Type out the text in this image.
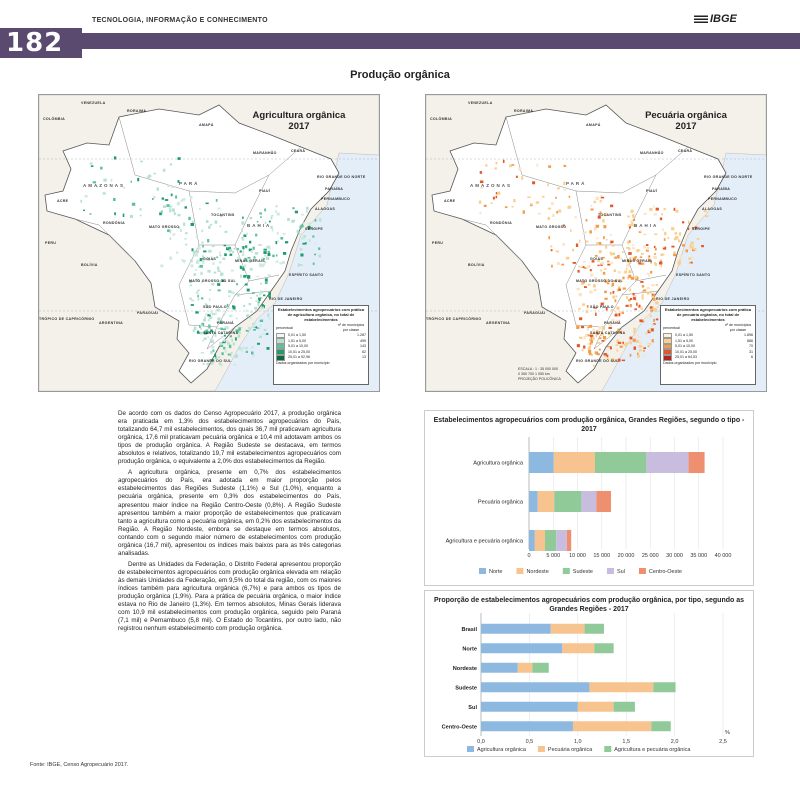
182
TECNOLOGIA, INFORMAÇÃO E CONHECIMENTO	IBGE
Produção orgânica
Agricultura orgânica
2017
AMAZONAS	PARÁ
BAHIA
MATO GROSSO
MINAS GERAIS
TOCANTINS
GOIÁS
CEARÁ
PIAUÍ
MARANHÃO
MATO GROSSO DO SUL
SÃO PAULO
SANTA CATARINA
RIO GRANDE DO SUL
RIO DE JANEIRO
RONDÔNIA
ACRE
PARANÁ
ESPÍRITO SANTO
SERGIPE
ALAGOAS
PERNAMBUCO
PARAÍBA
RIO GRANDE DO NORTE
RORAIMA
AMAPÁ
VENEZUELA
COLÔMBIA
PERU
BOLÍVIA
PARAGUAI
ARGENTINA
TRÓPICO DE CAPRICÓRNIO
Estabelecimentos agropecuários com prática de agricultura orgânica, no total de estabelecimentos
percentual
nº de municípios por classe
0,01 a 1,50	1.287
1,51 a 5,00	499
5,01 a 10,00	143
10,01 a 25,00	62
25,01 a 92,96	13
Dados organizados por município
Pecuária orgânica
2017
AMAZONAS	PARÁ
BAHIA
MATO GROSSO
MINAS GERAIS
TOCANTINS
GOIÁS
CEARÁ
PIAUÍ
MARANHÃO
MATO GROSSO DO SUL
SÃO PAULO
SANTA CATARINA
RIO GRANDE DO SUL
RIO DE JANEIRO
RONDÔNIA
ACRE
PARANÁ
ESPÍRITO SANTO
SERGIPE
ALAGOAS
PERNAMBUCO
PARAÍBA
RIO GRANDE DO NORTE
RORAIMA
AMAPÁ
VENEZUELA
COLÔMBIA
PERU
BOLÍVIA
PARAGUAI
ARGENTINA
TRÓPICO DE CAPRICÓRNIO
ESCALA : 1 : 35 000 000
0 350 700 1 050 km
PROJEÇÃO POLICÔNICA
Estabelecimentos agropecuários com prática de pecuária orgânica, no total de estabelecimentos
percentual
nº de municípios por classe
0,01 a 1,50	1.896
1,51 a 5,00	886
5,01 a 10,00	70
10,01 a 25,00	31
25,01 a 64,53	6
Dados organizados por município

De acordo com os dados do Censo Agropecuário 2017, a produção orgânica era praticada em 1,3% dos estabelecimentos agropecuários do País, totalizando 64,7 mil estabelecimentos, dos quais 36,7 mil praticavam agricultura orgânica, 17,6 mil praticavam pecuária orgânica e 10,4 mil adotavam ambos os tipos de produção orgânica. A Região Sudeste se destacava, em termos absolutos e relativos, totalizando 19,7 mil estabelecimentos agropecuários com produção orgânica, o equivalente a 2,0% dos estabelecimentos da Região.

A agricultura orgânica, presente em 0,7% dos estabelecimentos agropecuários do País, era adotada em maior proporção pelos estabelecimentos das Regiões Sudeste (1,1%) e Sul (1,0%), enquanto a pecuária orgânica, presente em 0,3% dos estabelecimentos do País, apresentou maior índice na Região Centro-Oeste (0,8%). A Região Sudeste apresentou também a maior proporção de estabelecimentos que praticavam tanto a agricultura como a pecuária orgânica, em 0,2% dos estabelecimentos da Região. A Região Nordeste, embora se destaque em termos absolutos, contando com o segundo maior número de estabelecimentos com produção orgânica (16,7 mil), apresentou os índices mais baixos para as três categorias analisadas.

Dentre as Unidades da Federação, o Distrito Federal apresentou proporção de estabelecimentos agropecuários com produção orgânica elevada em relação às demais Unidades da Federação, em 9,5% do total da região, com os maiores índices também para agricultura orgânica (6,7%) e para ambos os tipos de produção orgânica (1,9%). Para a prática de pecuária orgânica, o maior índice estava no Rio de Janeiro (1,3%). Em termos absolutos, Minas Gerais liderava com 10,9 mil estabelecimentos com produção orgânica, seguido pelo Paraná (7,1 mil) e Pernambuco (5,8 mil). O Estado do Tocantins, por outro lado, não registrou nenhum estabelecimento com produção orgânica.

Fonte: IBGE, Censo Agropecuário 2017.
Estabelecimentos agropecuários com produção orgânica, Grandes Regiões, segundo o tipo - 2017
0	5 000 10 000 15 000 20 000 25 000 30 000 35 000 40 000
Agricultura orgânica
Pecuária orgânica
Agricultura e pecuária orgânica
Norte	Nordeste	Sudeste	Sul	Centro-Oeste
Proporção de estabelecimentos agropecuários com produção orgânica, por tipo, segundo as Grandes Regiões - 2017
0,0	0,5	1,0	1,5	2,0	2,5
%
Brasil
Norte
Nordeste
Sudeste
Sul
Centro-Oeste
Agricultura orgânica	Pecuária orgânica	Agricultura e pecuária orgânica
